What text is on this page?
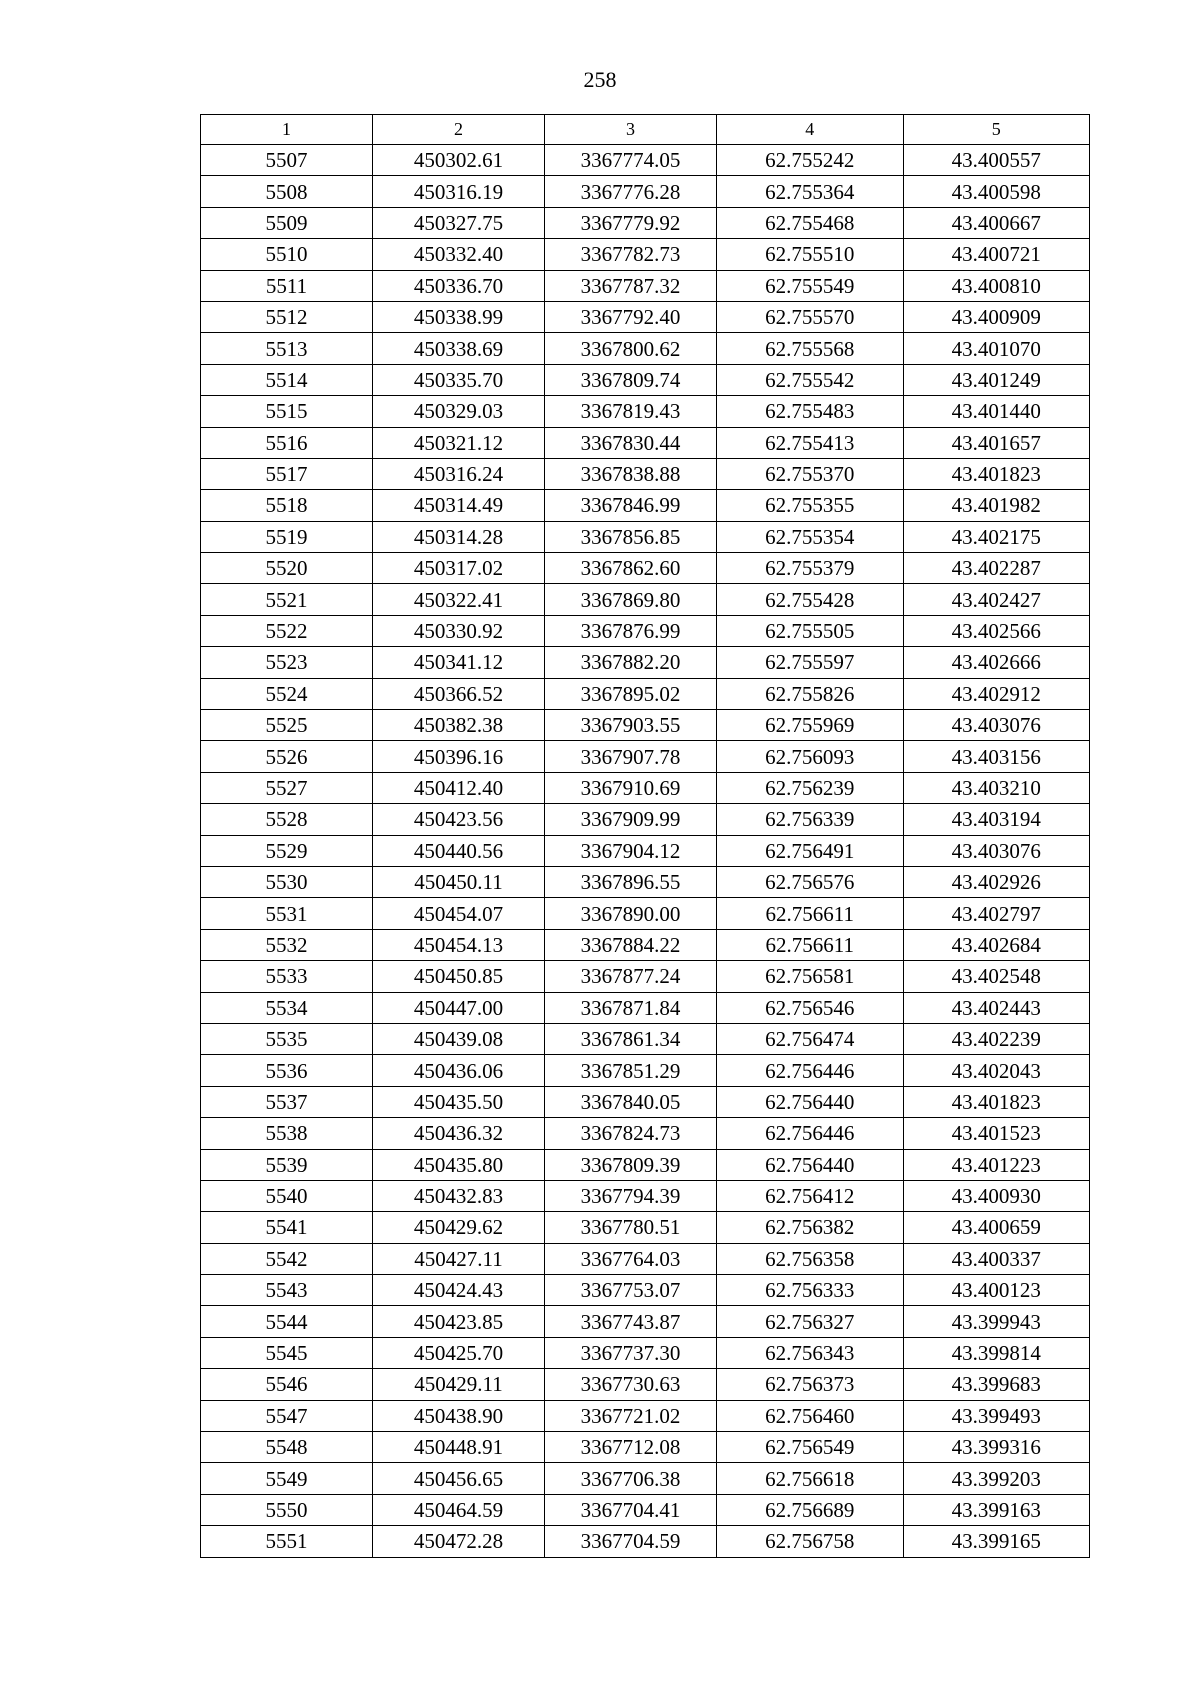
258
1	2	3	4	5
5507	450302.61	3367774.05	62.755242	43.400557
5508	450316.19	3367776.28	62.755364	43.400598
5509	450327.75	3367779.92	62.755468	43.400667
5510	450332.40	3367782.73	62.755510	43.400721
5511	450336.70	3367787.32	62.755549	43.400810
5512	450338.99	3367792.40	62.755570	43.400909
5513	450338.69	3367800.62	62.755568	43.401070
5514	450335.70	3367809.74	62.755542	43.401249
5515	450329.03	3367819.43	62.755483	43.401440
5516	450321.12	3367830.44	62.755413	43.401657
5517	450316.24	3367838.88	62.755370	43.401823
5518	450314.49	3367846.99	62.755355	43.401982
5519	450314.28	3367856.85	62.755354	43.402175
5520	450317.02	3367862.60	62.755379	43.402287
5521	450322.41	3367869.80	62.755428	43.402427
5522	450330.92	3367876.99	62.755505	43.402566
5523	450341.12	3367882.20	62.755597	43.402666
5524	450366.52	3367895.02	62.755826	43.402912
5525	450382.38	3367903.55	62.755969	43.403076
5526	450396.16	3367907.78	62.756093	43.403156
5527	450412.40	3367910.69	62.756239	43.403210
5528	450423.56	3367909.99	62.756339	43.403194
5529	450440.56	3367904.12	62.756491	43.403076
5530	450450.11	3367896.55	62.756576	43.402926
5531	450454.07	3367890.00	62.756611	43.402797
5532	450454.13	3367884.22	62.756611	43.402684
5533	450450.85	3367877.24	62.756581	43.402548
5534	450447.00	3367871.84	62.756546	43.402443
5535	450439.08	3367861.34	62.756474	43.402239
5536	450436.06	3367851.29	62.756446	43.402043
5537	450435.50	3367840.05	62.756440	43.401823
5538	450436.32	3367824.73	62.756446	43.401523
5539	450435.80	3367809.39	62.756440	43.401223
5540	450432.83	3367794.39	62.756412	43.400930
5541	450429.62	3367780.51	62.756382	43.400659
5542	450427.11	3367764.03	62.756358	43.400337
5543	450424.43	3367753.07	62.756333	43.400123
5544	450423.85	3367743.87	62.756327	43.399943
5545	450425.70	3367737.30	62.756343	43.399814
5546	450429.11	3367730.63	62.756373	43.399683
5547	450438.90	3367721.02	62.756460	43.399493
5548	450448.91	3367712.08	62.756549	43.399316
5549	450456.65	3367706.38	62.756618	43.399203
5550	450464.59	3367704.41	62.756689	43.399163
5551	450472.28	3367704.59	62.756758	43.399165
